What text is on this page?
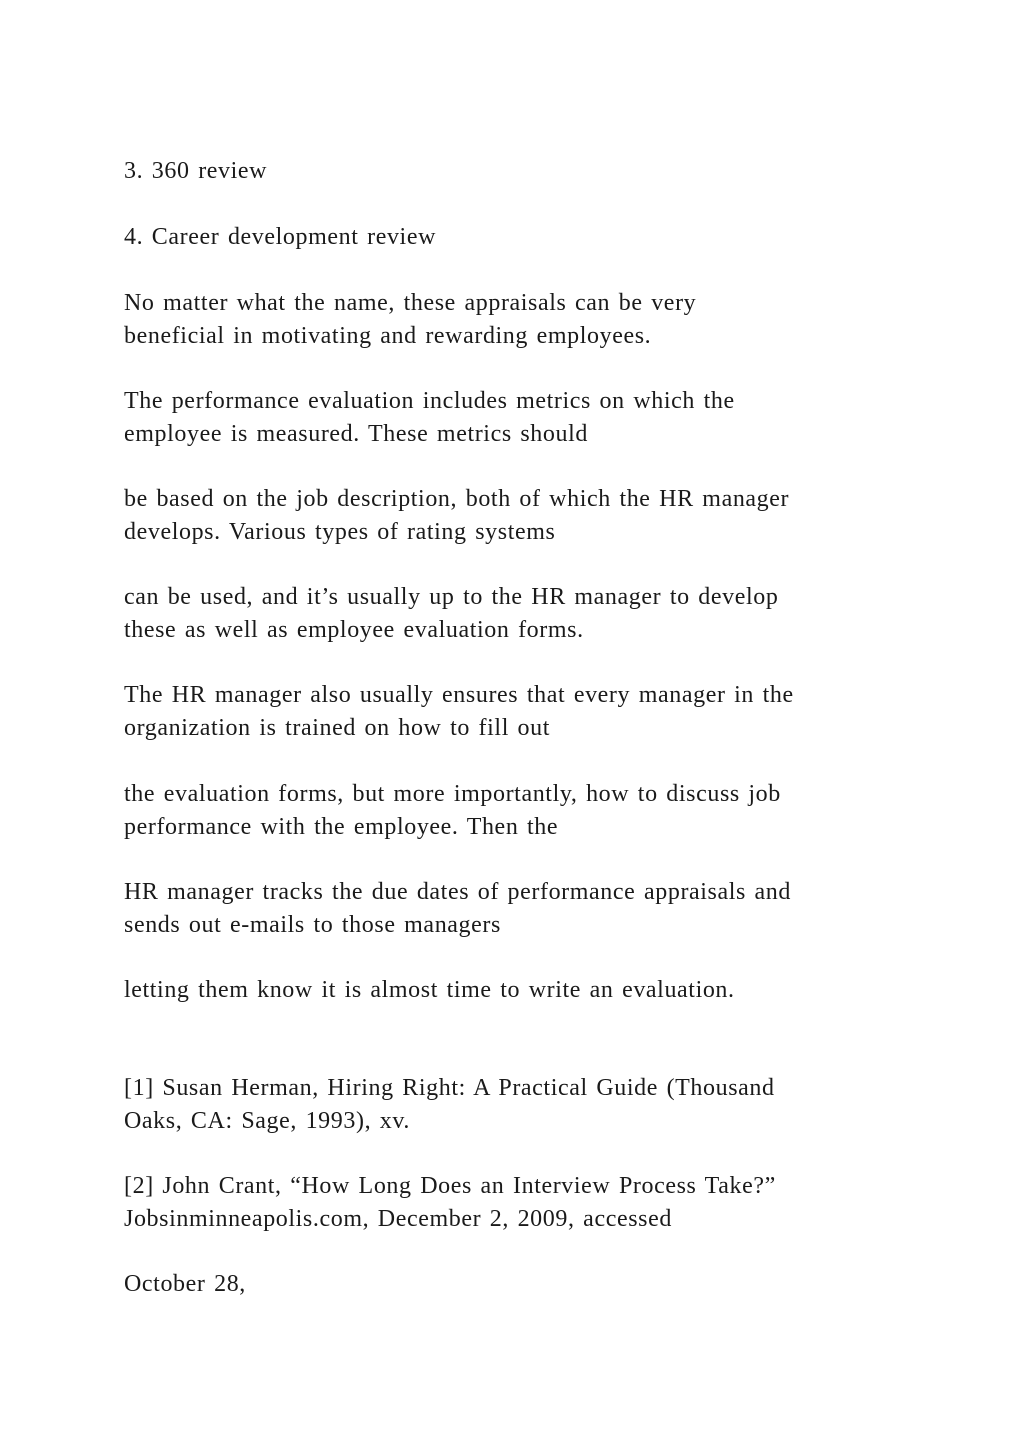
3. 360 review
4. Career development review
No matter what the name, these appraisals can be very
beneficial in motivating and rewarding employees.
The performance evaluation includes metrics on which the
employee is measured. These metrics should
be based on the job description, both of which the HR manager
develops. Various types of rating systems
can be used, and it’s usually up to the HR manager to develop
these as well as employee evaluation forms.
The HR manager also usually ensures that every manager in the
organization is trained on how to fill out
the evaluation forms, but more importantly, how to discuss job
performance with the employee. Then the
HR manager tracks the due dates of performance appraisals and
sends out e-mails to those managers
letting them know it is almost time to write an evaluation.
[1] Susan Herman, Hiring Right: A Practical Guide (Thousand
Oaks, CA: Sage, 1993), xv.
[2] John Crant, “How Long Does an Interview Process Take?”
Jobsinminneapolis.com, December 2, 2009, accessed
October 28,
